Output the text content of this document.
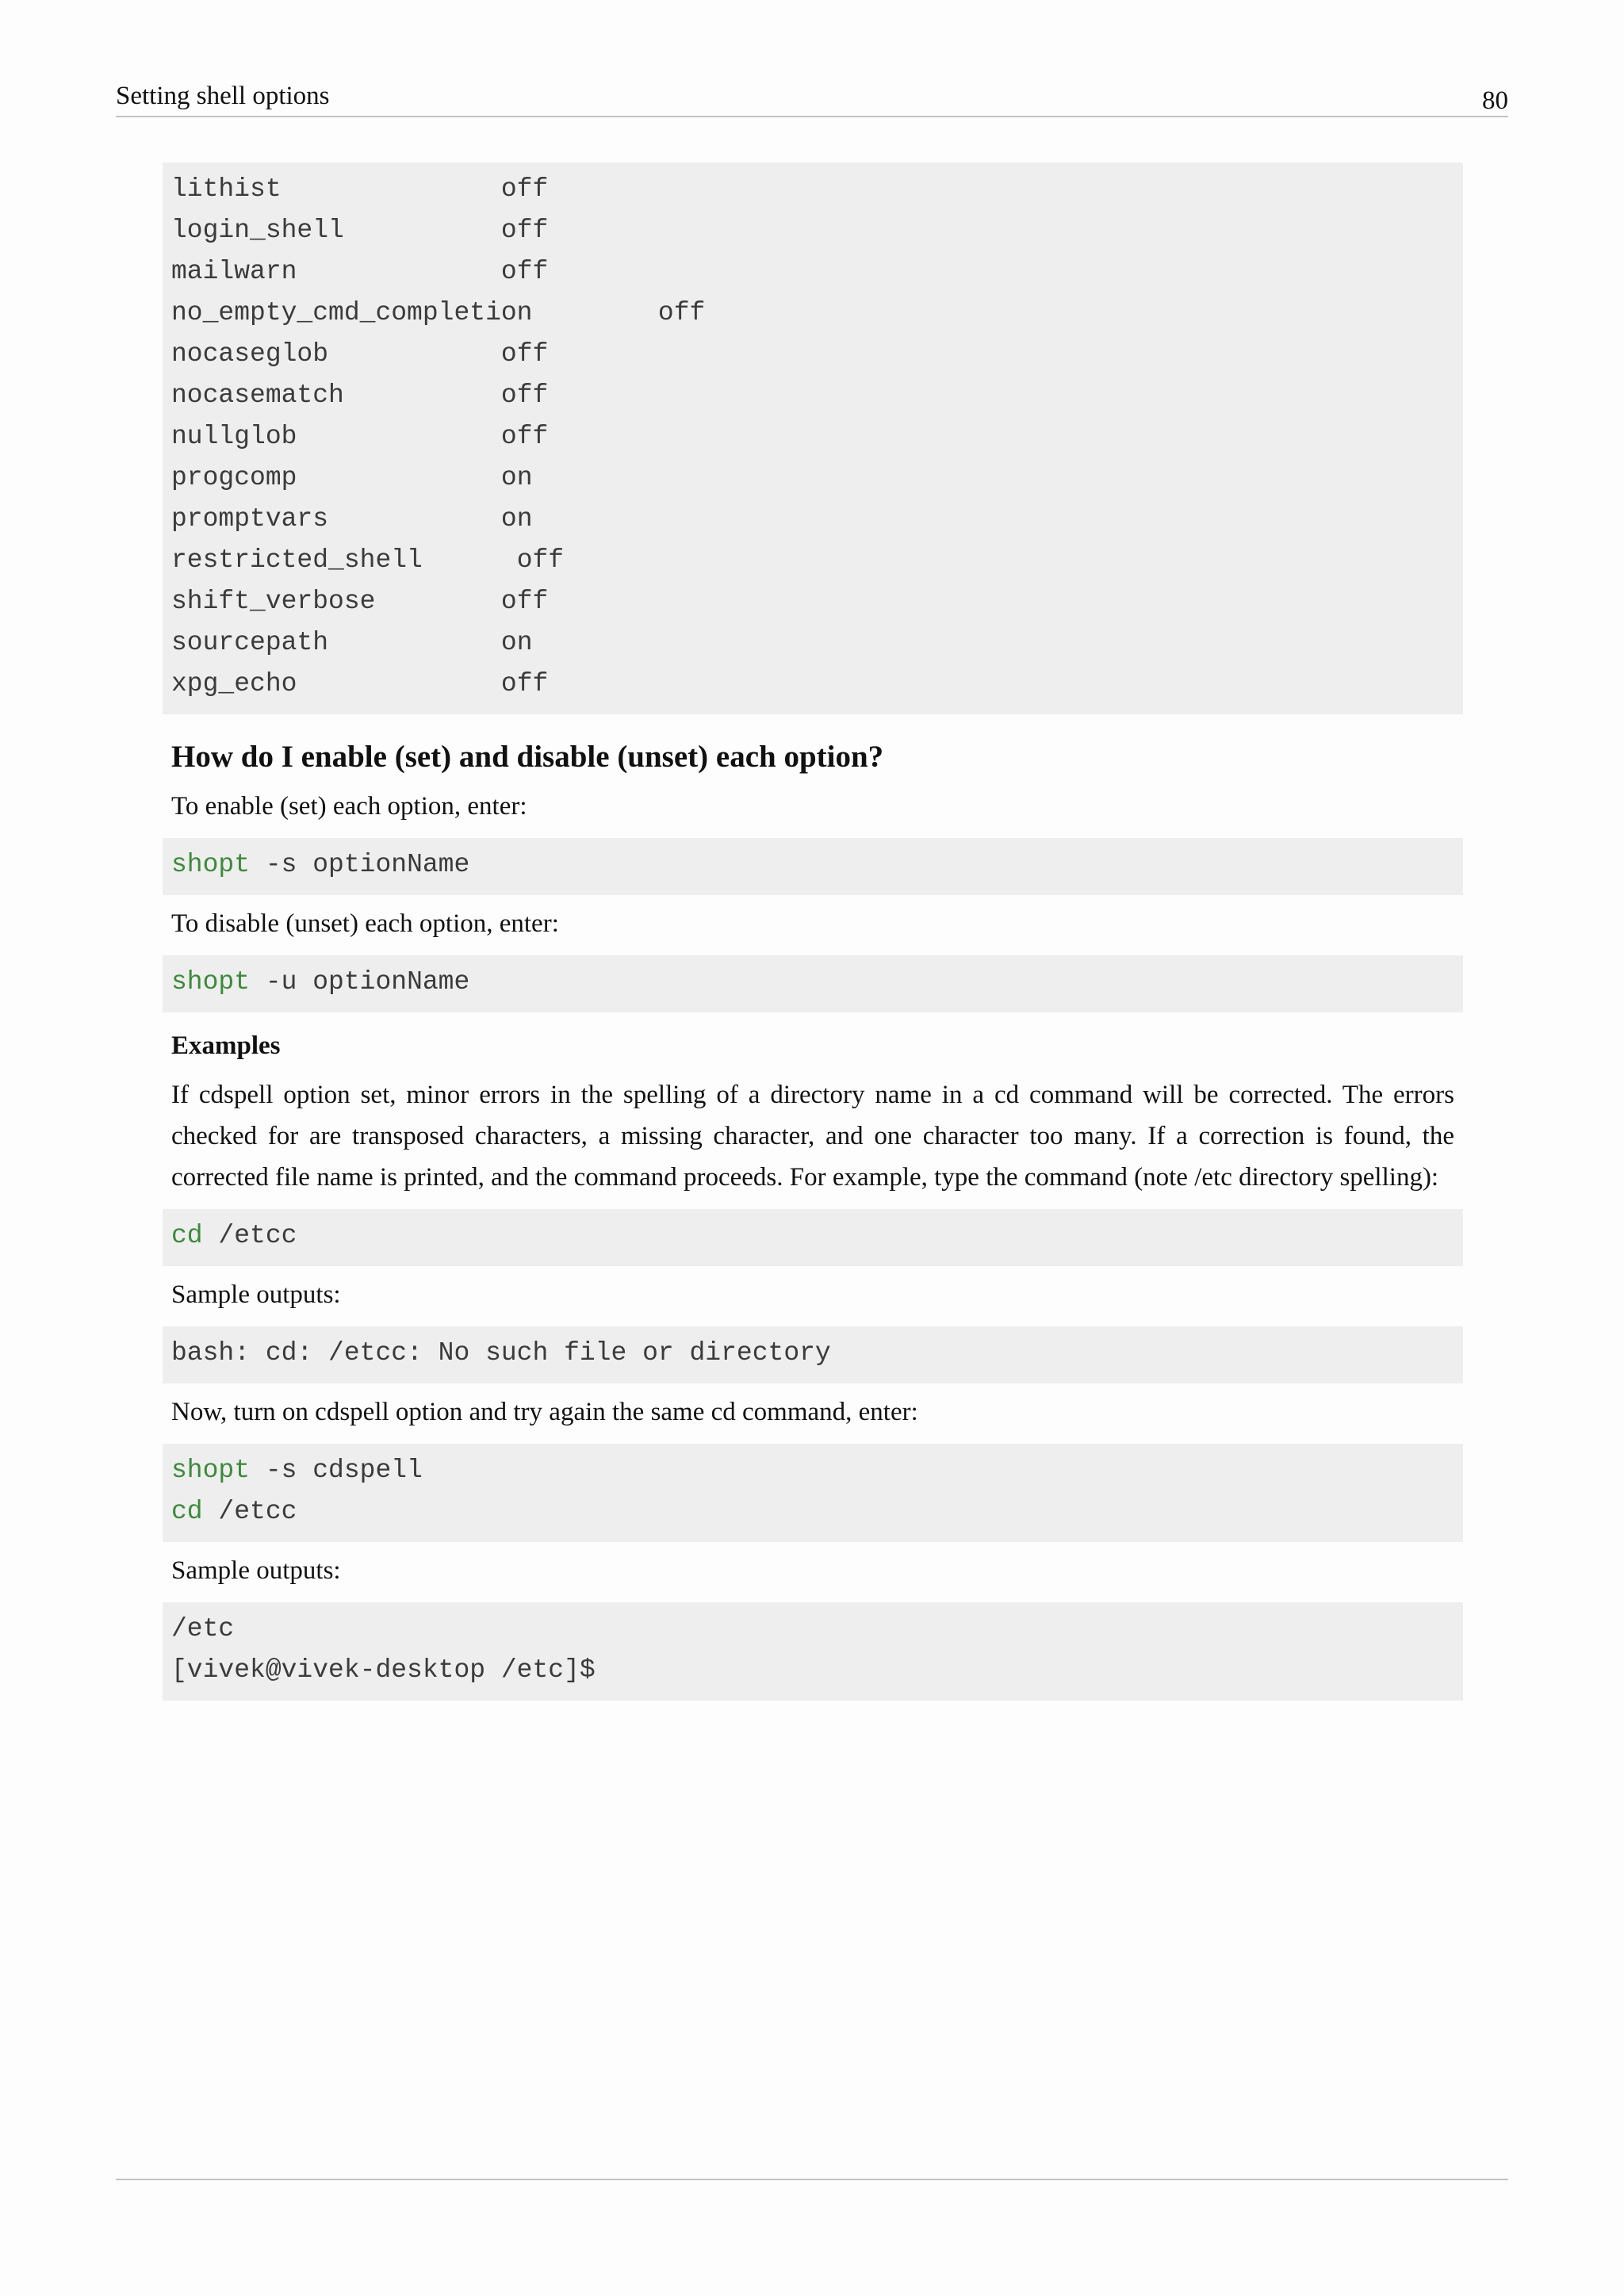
Setting shell options	80
lithist	off
login_shell	off
mailwarn	off
no_empty_cmd_completion	off
nocaseglob	off
nocasematch	off
nullglob	off
progcomp	on
promptvars	on
restricted_shell	off
shift_verbose	off
sourcepath	on
xpg_echo	off
How do I enable (set) and disable (unset) each option?
To enable (set) each option, enter:
shopt -s optionName
To disable (unset) each option, enter:
shopt -u optionName
Examples
If cdspell option set, minor errors in the spelling of a directory name in a cd command will be corrected. The errors checked for are transposed characters, a missing character, and one character too many. If a correction is found, the corrected file name is printed, and the command proceeds. For example, type the command (note /etc directory spelling):
cd /etcc
Sample outputs:
bash: cd: /etcc: No such file or directory
Now, turn on cdspell option and try again the same cd command, enter:
shopt -s cdspell
cd /etcc
Sample outputs:
/etc
[vivek@vivek-desktop /etc]$
